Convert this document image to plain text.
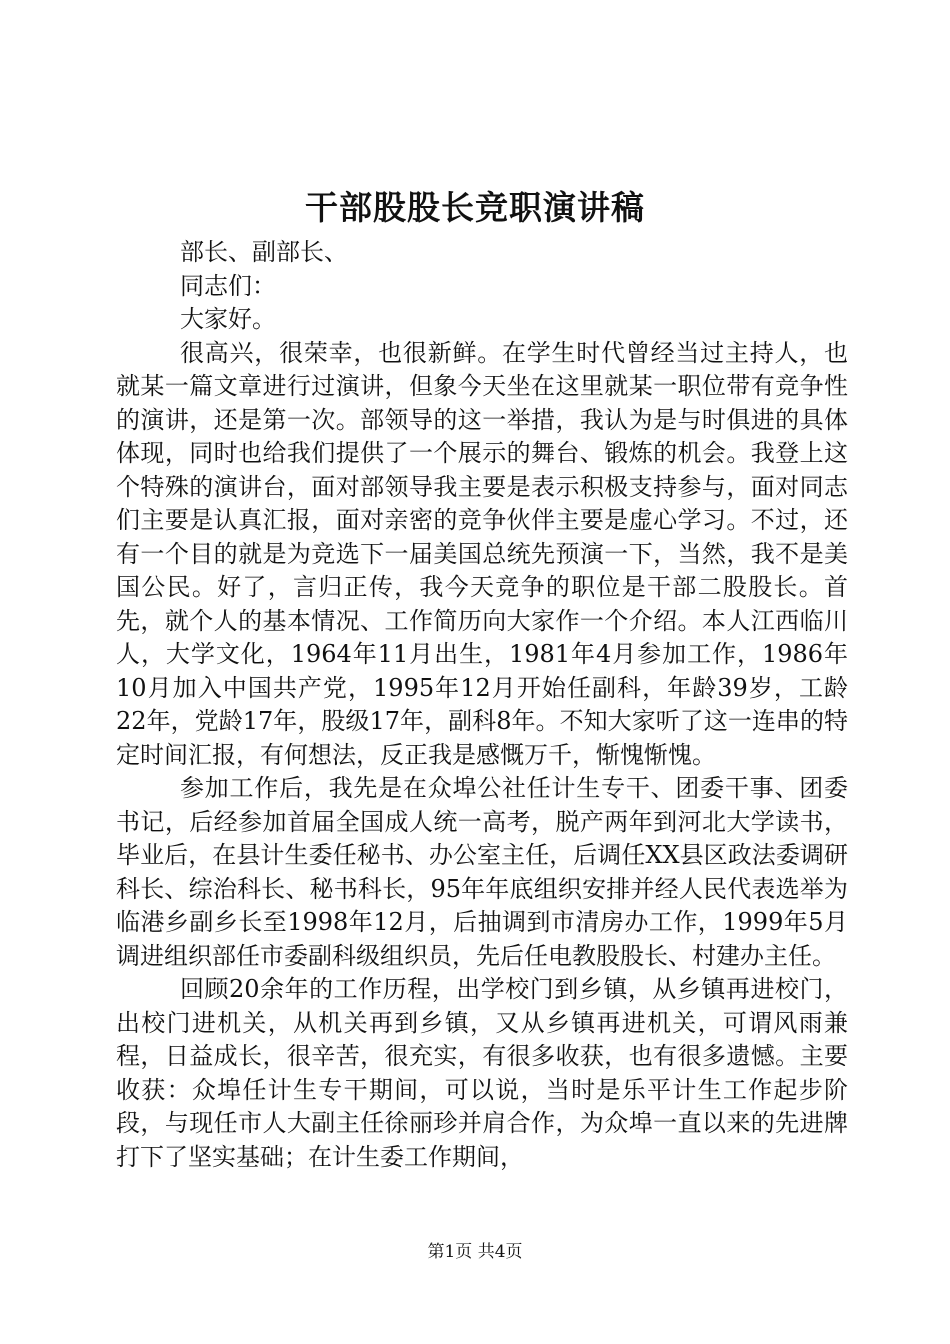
干部股股长竞职演讲稿

部长、副部长、

同志们：

大家好。

很高兴，很荣幸，也很新鲜。在学生时代曾经当过主持人，也就某一篇文章进行过演讲，但象今天坐在这里就某一职位带有竞争性的演讲，还是第一次。部领导的这一举措，我认为是与时俱进的具体体现，同时也给我们提供了一个展示的舞台、锻炼的机会。我登上这个特殊的演讲台，面对部领导我主要是表示积极支持参与，面对同志们主要是认真汇报，面对亲密的竞争伙伴主要是虚心学习。不过，还有一个目的就是为竞选下一届美国总统先预演一下，当然，我不是美国公民。好了，言归正传，我今天竞争的职位是干部二股股长。首先，就个人的基本情况、工作简历向大家作一个介绍。本人江西临川人，大学文化，1964年11月出生，1981年4月参加工作，1986年10月加入中国共产党，1995年12月开始任副科，年龄39岁，工龄22年，党龄17年，股级17年，副科8年。不知大家听了这一连串的特定时间汇报，有何想法，反正我是感慨万千，惭愧惭愧。

参加工作后，我先是在众埠公社任计生专干、团委干事、团委书记，后经参加首届全国成人统一高考，脱产两年到河北大学读书，毕业后，在县计生委任秘书、办公室主任，后调任XX县区政法委调研科长、综治科长、秘书科长，95年年底组织安排并经人民代表选举为临港乡副乡长至1998年12月，后抽调到市清房办工作，1999年5月调进组织部任市委副科级组织员，先后任电教股股长、村建办主任。

回顾20余年的工作历程，出学校门到乡镇，从乡镇再进校门，出校门进机关，从机关再到乡镇，又从乡镇再进机关，可谓风雨兼程，日益成长，很辛苦，很充实，有很多收获，也有很多遗憾。主要收获：众埠任计生专干期间，可以说，当时是乐平计生工作起步阶段，与现任市人大副主任徐丽珍并肩合作，为众埠一直以来的先进牌打下了坚实基础；在计生委工作期间，

第1页 共4页
